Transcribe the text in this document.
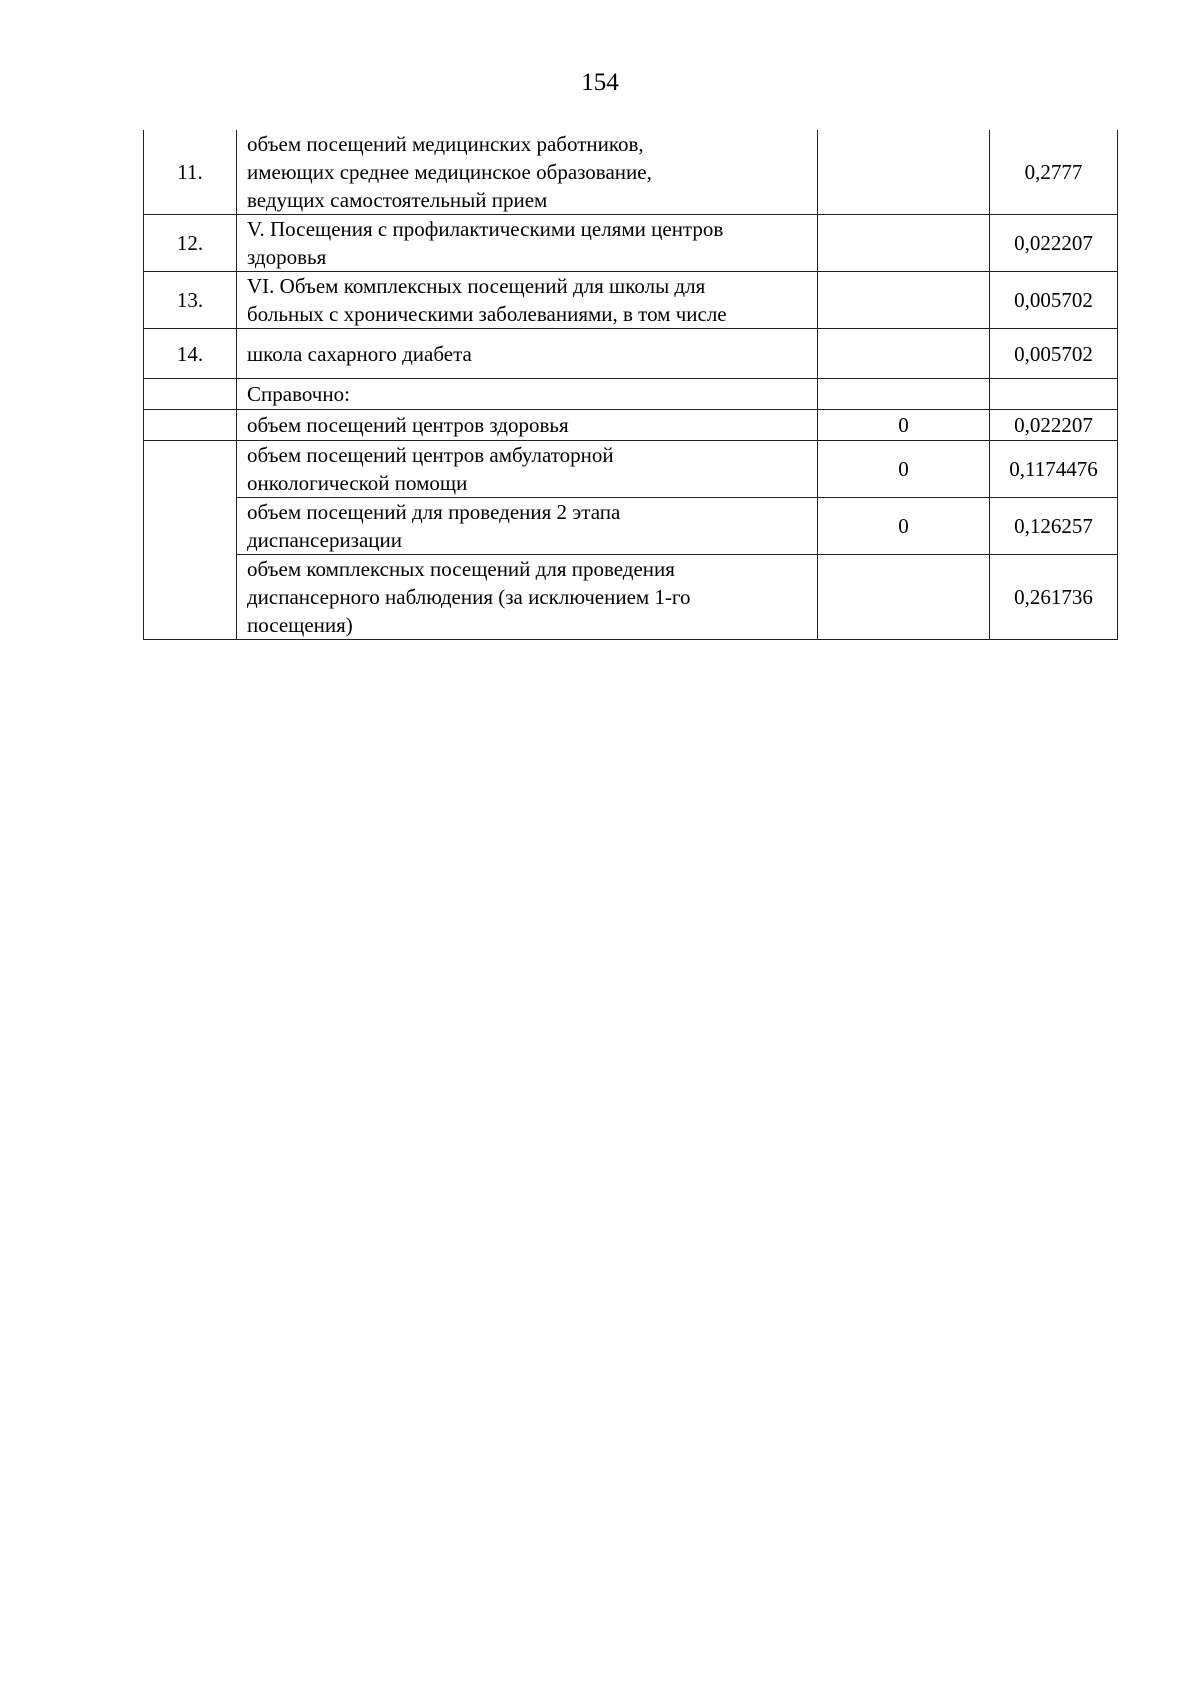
154
11.	объем посещений медицинских работников,
имеющих среднее медицинское образование,
ведущих самостоятельный прием		0,2777
12.	V. Посещения с профилактическими целями центров
здоровья		0,022207
13.	VI. Объем комплексных посещений для школы для
больных с хроническими заболеваниями, в том числе		0,005702
14.	школа сахарного диабета		0,005702
	Справочно:		
	объем посещений центров здоровья	0	0,022207
	объем посещений центров амбулаторной
онкологической помощи	0	0,1174476
	объем посещений для проведения 2 этапа
диспансеризации	0	0,126257
	объем комплексных посещений для проведения
диспансерного наблюдения (за исключением 1-го
посещения)		0,261736
